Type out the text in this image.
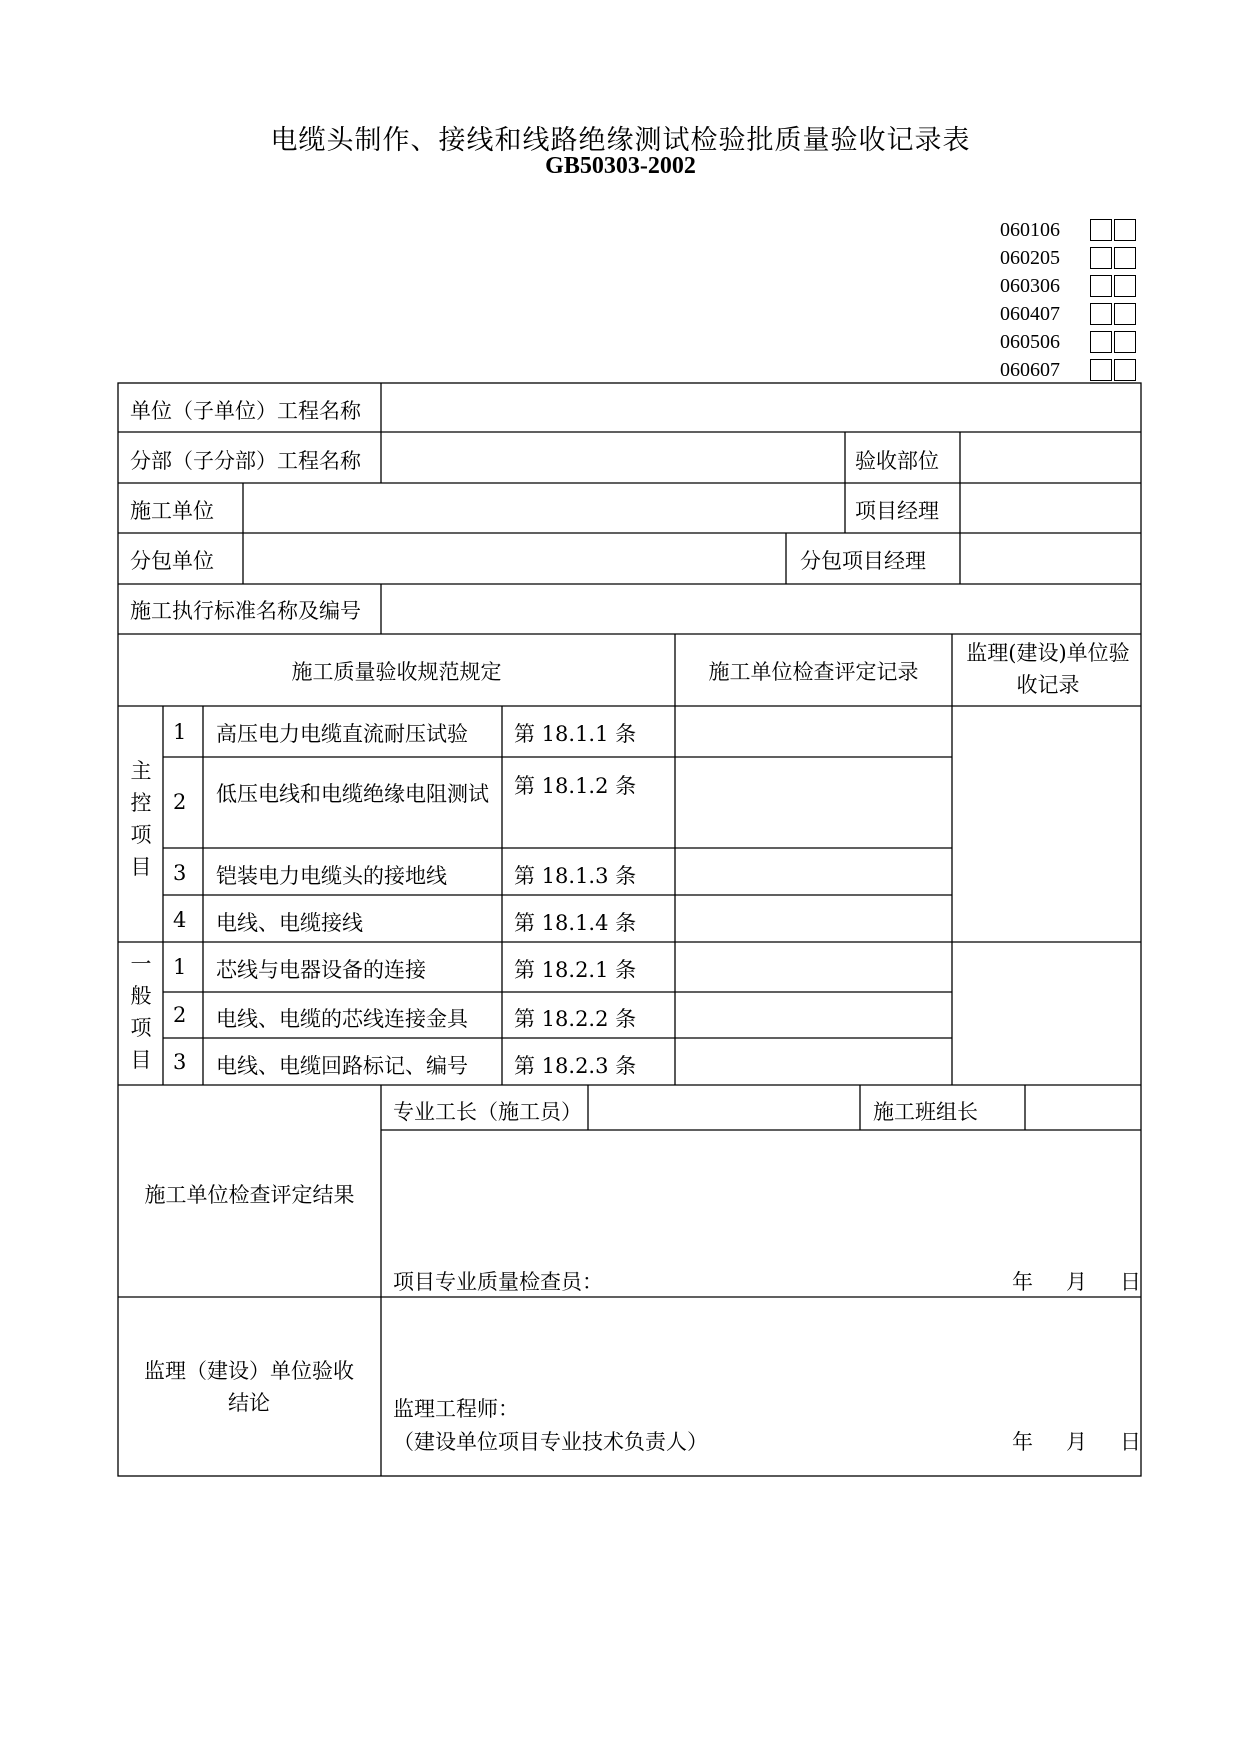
电缆头制作、接线和线路绝缘测试检验批质量验收记录表
GB50303-2002
060106
060205
060306
060407
060506
060607
单位（子单位）工程名称
分部（子分部）工程名称	验收部位
施工单位	项目经理
分包单位	分包项目经理
施工执行标准名称及编号
施工质量验收规范规定	施工单位检查评定记录
监理(建设)单位验收记录
主控项目
1 高压电力电缆直流耐压试验 第 18.1.1 条
2 低压电线和电缆绝缘电阻测试	第 18.1.2 条
3 铠装电力电缆头的接地线	第 18.1.3 条
4 电线、电缆接线	第 18.1.4 条
一般项目
1 芯线与电器设备的连接	第 18.2.1 条
2 电线、电缆的芯线连接金具 第 18.2.2 条
3 电线、电缆回路标记、编号 第 18.2.3 条
施工单位检查评定结果
专业工长（施工员）	施工班组长
项目专业质量检查员：	年 月 日
监理（建设）单位验收结论	监理工程师：
（建设单位项目专业技术负责人）	年 月 日
